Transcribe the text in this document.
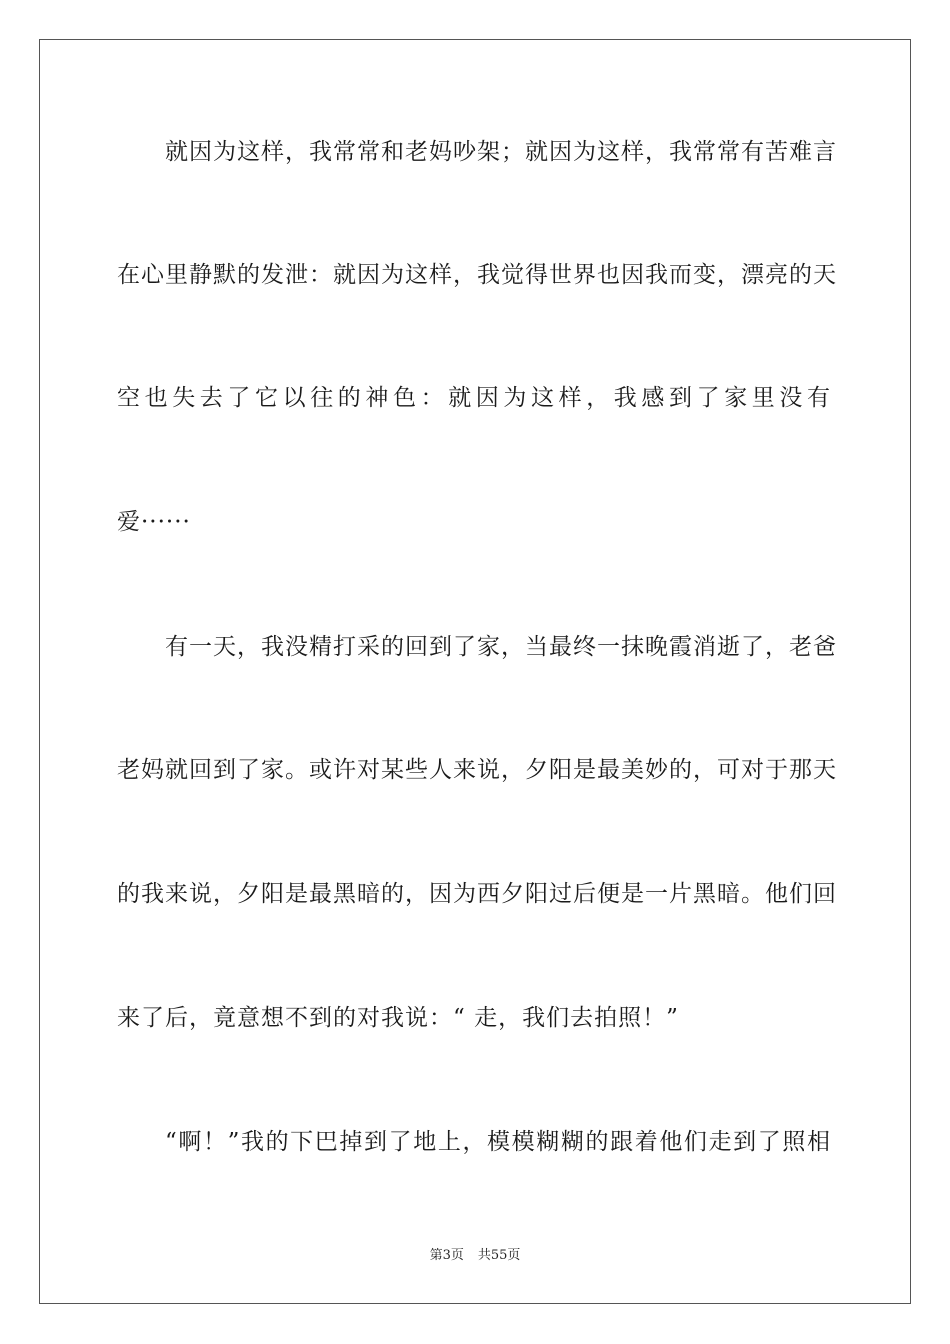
就因为这样，我常常和老妈吵架；就因为这样，我常常有苦难言
在心里静默的发泄：就因为这样，我觉得世界也因我而变，漂亮的天
空也失去了它以往的神色：就因为这样，我感到了家里没有
爱······
有一天，我没精打采的回到了家，当最终一抹晚霞消逝了，老爸
老妈就回到了家。或许对某些人来说，夕阳是最美妙的，可对于那天
的我来说，夕阳是最黑暗的，因为西夕阳过后便是一片黑暗。他们回
来了后，竟意想不到的对我说：“ 走，我们去拍照！”
“啊！”我的下巴掉到了地上，模模糊糊的跟着他们走到了照相
第3页 共55页
